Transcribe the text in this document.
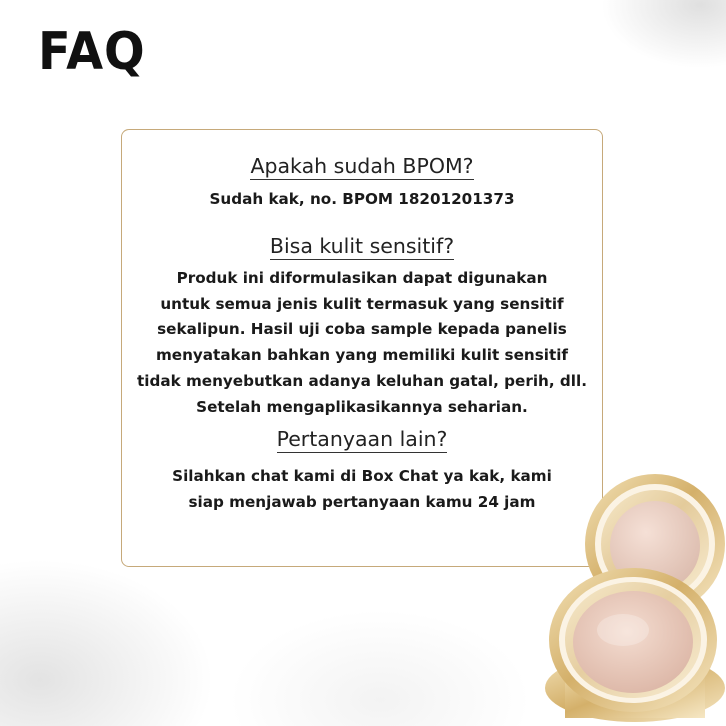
FAQ
Apakah sudah BPOM?
Sudah kak, no. BPOM 18201201373
Bisa kulit sensitif?
Produk ini diformulasikan dapat digunakan
untuk semua jenis kulit termasuk yang sensitif
sekalipun. Hasil uji coba sample kepada panelis
menyatakan bahkan yang memiliki kulit sensitif
tidak menyebutkan adanya keluhan gatal, perih, dll.
Setelah mengaplikasikannya seharian.
Pertanyaan lain?
Silahkan chat kami di Box Chat ya kak, kami
siap menjawab pertanyaan kamu 24 jam
